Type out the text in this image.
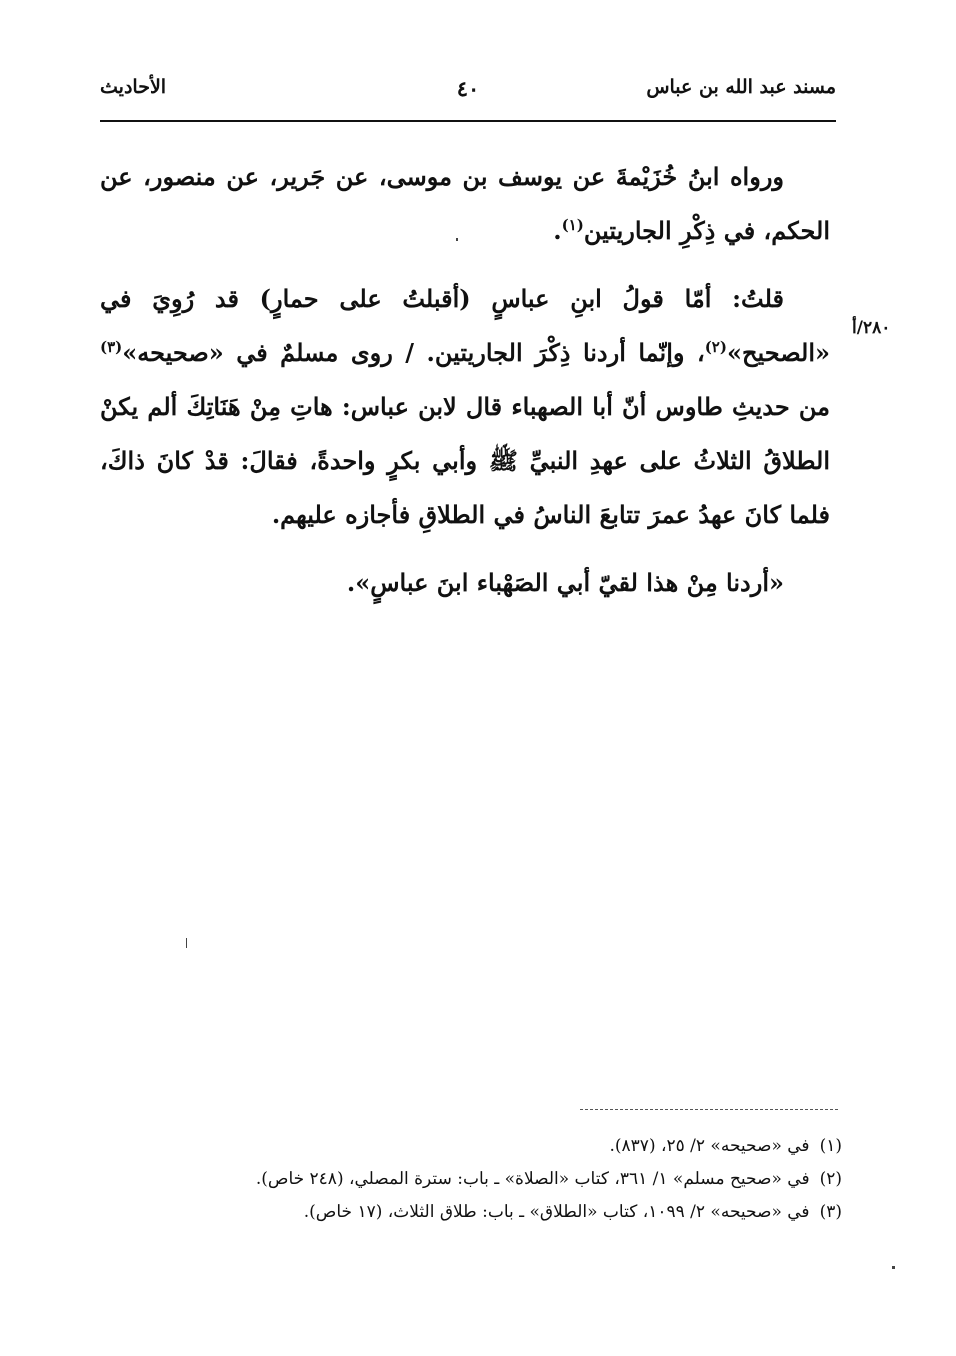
مسند عبد الله بن عباس
٤٠
الأحاديث
٢٨٠/أ

ورواه ابنُ خُزَيْمةَ عن يوسف بن موسى، عن جَرير، عن منصور، عن الحكم، في ذِكْرِ الجاريتين$^{(١)}$.

قلتُ: أمّا قولُ ابنِ عباسٍ (أقبلتُ على حمارٍ) قد رُوِيَ في «الصحيح»$^{(٢)}$، وإنّما أردنا ذِكْرَ الجاريتين. / روى مسلمٌ في «صحيحه»$^{(٣)}$ من حديثِ طاوس أنّ أبا الصهباء قال لابن عباس: هاتِ مِنْ هَنَاتِكَ ألم يكنْ الطلاقُ الثلاثُ على عهدِ النبيِّ ﷺ وأبي بكرٍ واحدةً، فقالَ: قدْ كانَ ذاكَ، فلما كانَ عهدُ عمرَ تتابعَ الناسُ في الطلاقِ فأجازه عليهم.

«أردنا مِنْ هذا لقيّ أبي الصَهْباء ابنَ عباسٍ».

(١)في «صحيحه» ٢/ ٢٥، (٨٣٧).

(٢)في «صحيح مسلم» ١/ ٣٦١، كتاب «الصلاة» ـ باب: سترة المصلي، (٢٤٨ خاص).

(٣)في «صحيحه» ٢/ ١٠٩٩، كتاب «الطلاق» ـ باب: طلاق الثلاث، (١٧ خاص).
